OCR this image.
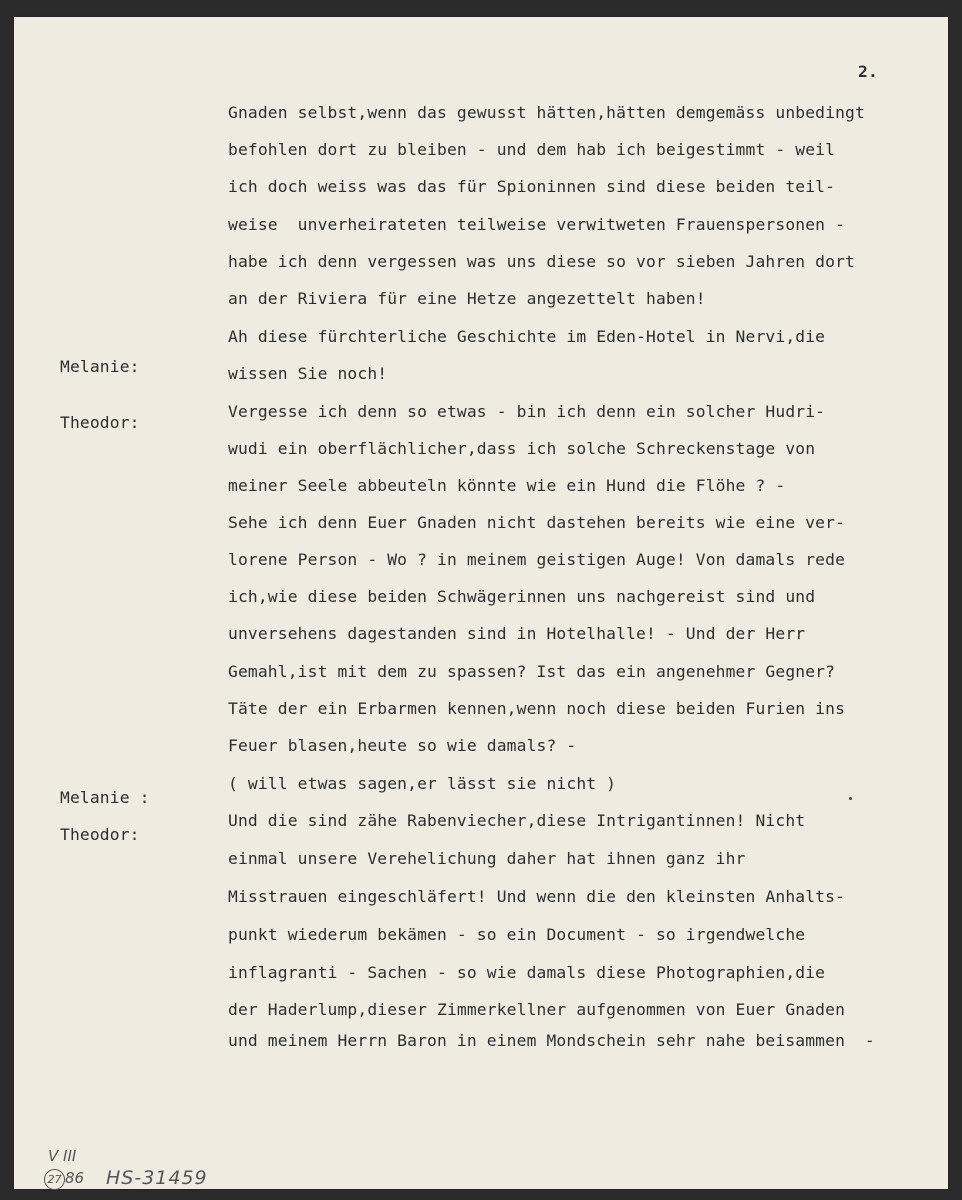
2.
Melanie:
Theodor:
Melanie :
Theodor:
Gnaden selbst,wenn das gewusst hätten,hätten demgemäss unbedingt
befohlen dort zu bleiben - und dem hab ich beigestimmt - weil
ich doch weiss was das für Spioninnen sind diese beiden teil-
weise  unverheirateten teilweise verwitweten Frauenspersonen -
habe ich denn vergessen was uns diese so vor sieben Jahren dort
an der Riviera für eine Hetze angezettelt haben!
Ah diese fürchterliche Geschichte im Eden-Hotel in Nervi,die
wissen Sie noch!
Vergesse ich denn so etwas - bin ich denn ein solcher Hudri-
wudi ein oberflächlicher,dass ich solche Schreckenstage von
meiner Seele abbeuteln könnte wie ein Hund die Flöhe ? -
Sehe ich denn Euer Gnaden nicht dastehen bereits wie eine ver-
lorene Person - Wo ? in meinem geistigen Auge! Von damals rede
ich,wie diese beiden Schwägerinnen uns nachgereist sind und
unversehens dagestanden sind in Hotelhalle! - Und der Herr
Gemahl,ist mit dem zu spassen? Ist das ein angenehmer Gegner?
Täte der ein Erbarmen kennen,wenn noch diese beiden Furien ins
Feuer blasen,heute so wie damals? -
( will etwas sagen,er lässt sie nicht )
Und die sind zähe Rabenviecher,diese Intrigantinnen! Nicht
einmal unsere Verehelichung daher hat ihnen ganz ihr
Misstrauen eingeschläfert! Und wenn die den kleinsten Anhalts-
punkt wiederum bekämen - so ein Document - so irgendwelche
inflagranti - Sachen - so wie damals diese Photographien,die
der Haderlump,dieser Zimmerkellner aufgenommen von Euer Gnaden
und meinem Herrn Baron in einem Mondschein sehr nahe beisammen  -
V III
27 86 HS-31459
